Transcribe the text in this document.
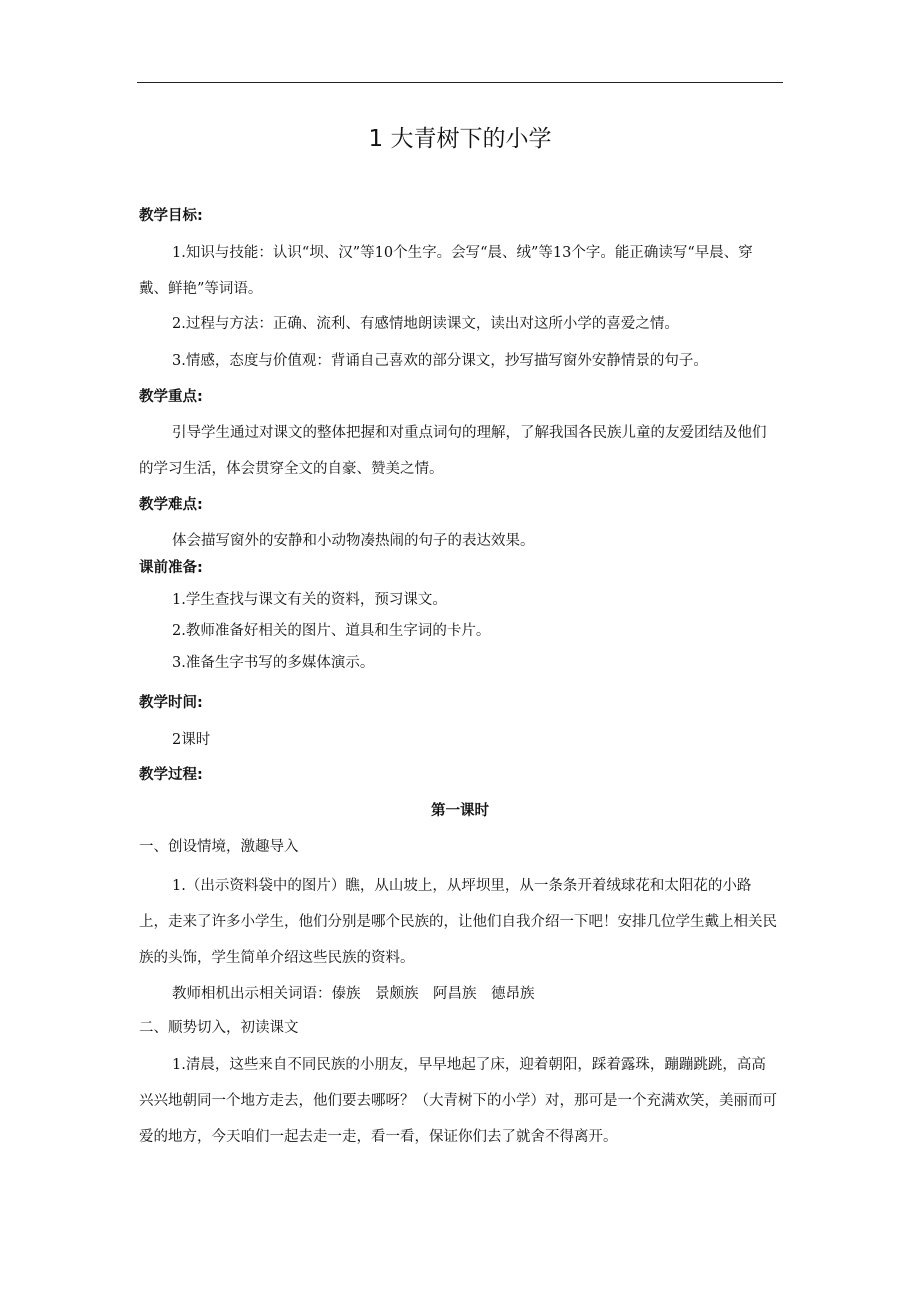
1 大青树下的小学
教学目标:
1.知识与技能：认识“坝、汉”等10个生字。会写“晨、绒”等13个字。能正确读写“早晨、穿戴、鲜艳”等词语。
2.过程与方法：正确、流利、有感情地朗读课文，读出对这所小学的喜爱之情。
3.情感，态度与价值观：背诵自己喜欢的部分课文，抄写描写窗外安静情景的句子。
教学重点:
引导学生通过对课文的整体把握和对重点词句的理解，了解我国各民族儿童的友爱团结及他们的学习生活，体会贯穿全文的自豪、赞美之情。
教学难点:
体会描写窗外的安静和小动物凑热闹的句子的表达效果。
课前准备:
1.学生查找与课文有关的资料，预习课文。
2.教师准备好相关的图片、道具和生字词的卡片。
3.准备生字书写的多媒体演示。
教学时间:
2课时
教学过程:
第一课时
一、创设情境，激趣导入
1.（出示资料袋中的图片）瞧，从山坡上，从坪坝里，从一条条开着绒球花和太阳花的小路上，走来了许多小学生，他们分别是哪个民族的，让他们自我介绍一下吧！安排几位学生戴上相关民族的头饰，学生简单介绍这些民族的资料。
教师相机出示相关词语：傣族　景颇族　阿昌族　德昂族
二、顺势切入，初读课文
1.清晨，这些来自不同民族的小朋友，早早地起了床，迎着朝阳，踩着露珠，蹦蹦跳跳，高高兴兴地朝同一个地方走去，他们要去哪呀？（大青树下的小学）对，那可是一个充满欢笑，美丽而可爱的地方，今天咱们一起去走一走，看一看，保证你们去了就舍不得离开。
